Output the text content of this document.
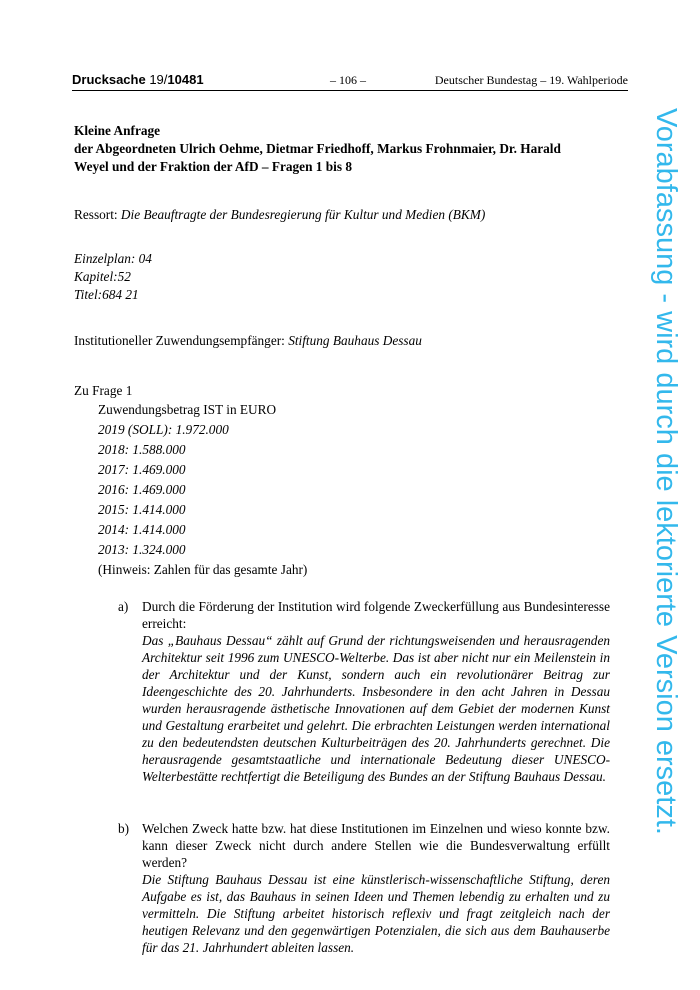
Drucksache 19/10481	– 106 –	Deutscher Bundestag – 19. Wahlperiode
Vorabfassung - wird durch die lektorierte Version ersetzt.
Kleine Anfrage
der Abgeordneten Ulrich Oehme, Dietmar Friedhoff, Markus Frohnmaier, Dr. Harald
Weyel und der Fraktion der AfD – Fragen 1 bis 8
Ressort: Die Beauftragte der Bundesregierung für Kultur und Medien (BKM)
Einzelplan: 04
Kapitel:52
Titel:684 21
Institutioneller Zuwendungsempfänger: Stiftung Bauhaus Dessau
Zu Frage 1
Zuwendungsbetrag IST in EURO
2019 (SOLL): 1.972.000
2018: 1.588.000
2017: 1.469.000
2016: 1.469.000
2015: 1.414.000
2014: 1.414.000
2013: 1.324.000
(Hinweis: Zahlen für das gesamte Jahr)
a) Durch die Förderung der Institution wird folgende Zweckerfüllung aus Bundesinteresse erreicht:
Das „Bauhaus Dessau“ zählt auf Grund der richtungsweisenden und herausragenden Architektur seit 1996 zum UNESCO-Welterbe. Das ist aber nicht nur ein Meilenstein in der Architektur und der Kunst, sondern auch ein revolutionärer Beitrag zur Ideengeschichte des 20. Jahrhunderts. Insbesondere in den acht Jahren in Dessau wurden herausragende ästhetische Innovationen auf dem Gebiet der modernen Kunst und Gestaltung erarbeitet und gelehrt. Die erbrachten Leistungen werden international zu den bedeutendsten deutschen Kulturbeiträgen des 20. Jahrhunderts gerechnet. Die herausragende gesamtstaatliche und internationale Bedeutung dieser UNESCO-Welterbestätte rechtfertigt die Beteiligung des Bundes an der Stiftung Bauhaus Dessau.
b) Welchen Zweck hatte bzw. hat diese Institutionen im Einzelnen und wieso konnte bzw. kann dieser Zweck nicht durch andere Stellen wie die Bundesverwaltung erfüllt werden?
Die Stiftung Bauhaus Dessau ist eine künstlerisch-wissenschaftliche Stiftung, deren Aufgabe es ist, das Bauhaus in seinen Ideen und Themen lebendig zu erhalten und zu vermitteln. Die Stiftung arbeitet historisch reflexiv und fragt zeitgleich nach der heutigen Relevanz und den gegenwärtigen Potenzialen, die sich aus dem Bauhauserbe für das 21. Jahrhundert ableiten lassen.
